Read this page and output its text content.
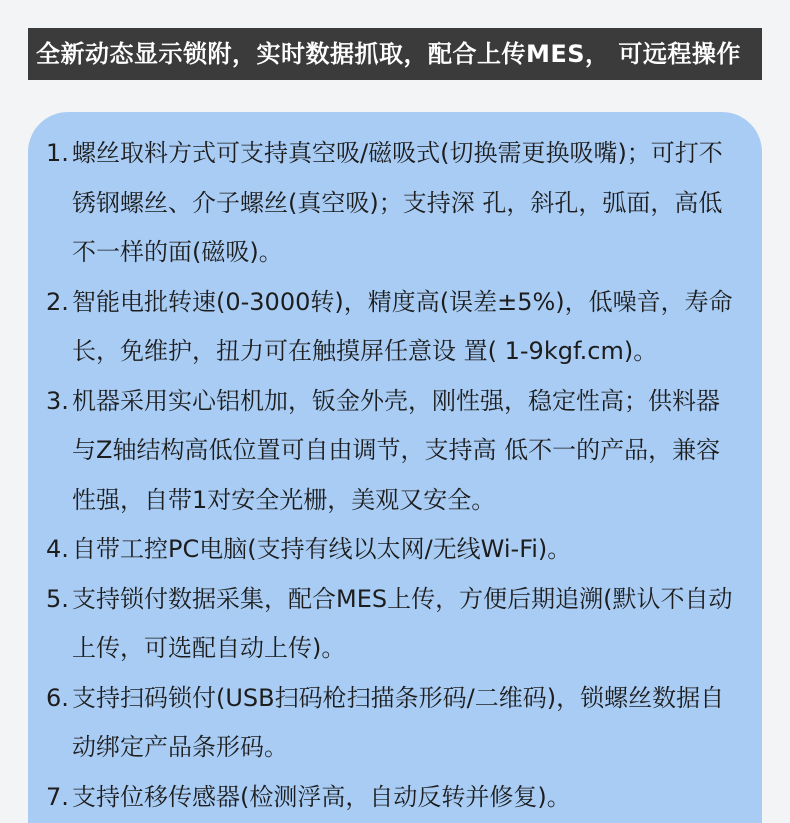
全新动态显示锁附，实时数据抓取，配合上传MES， 可远程操作
1. 螺丝取料方式可支持真空吸/磁吸式(切换需更换吸嘴)；可打不
锈钢螺丝、介子螺丝(真空吸)；支持深 孔，斜孔，弧面，高低
不一样的面(磁吸)。
2. 智能电批转速(0-3000转)，精度高(误差±5%)，低噪音，寿命
长，免维护，扭力可在触摸屏任意设 置( 1-9kgf.cm)。
3. 机器采用实心铝机加，钣金外壳，刚性强，稳定性高；供料器
与Z轴结构高低位置可自由调节，支持高 低不一的产品，兼容
性强，自带1对安全光栅，美观又安全。
4. 自带工控PC电脑(支持有线以太网/无线Wi-Fi)。
5. 支持锁付数据采集，配合MES上传，方便后期追溯(默认不自动
上传，可选配自动上传)。
6. 支持扫码锁付(USB扫码枪扫描条形码/二维码)，锁螺丝数据自
动绑定产品条形码。
7. 支持位移传感器(检测浮高，自动反转并修复)。
